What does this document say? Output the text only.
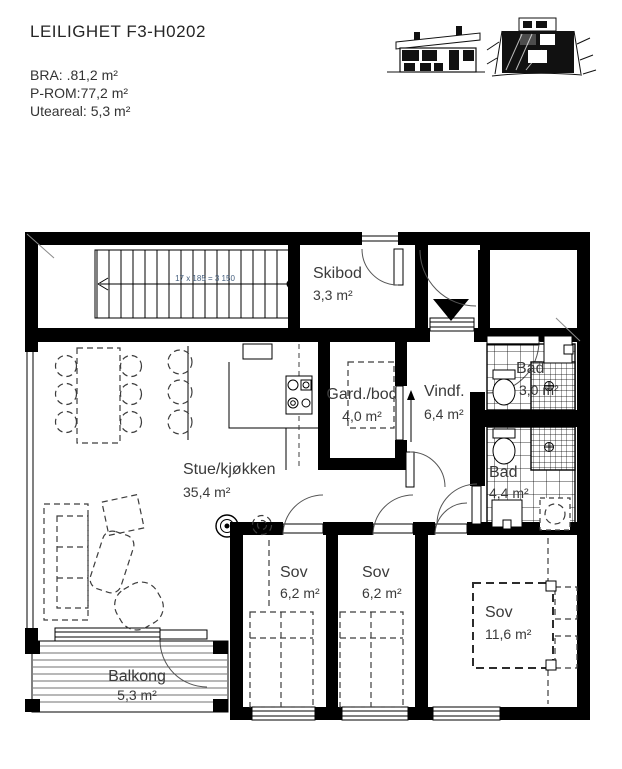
LEILIGHET F3-H0202
BRA: .81,2 m²
P-ROM:77,2 m²
Uteareal: 5,3 m²
17 x 185 = 3 150	Skibod
3,3 m²
Gard./bod
4,0 m²
Vindf.
6,4 m²
Bad
3,0 m²
Stue/kjøkken
35,4 m²
Bad
4,4 m²
Sov
6,2 m²
Sov
6,2 m²
Sov
11,6 m²
Balkong
5,3 m²
